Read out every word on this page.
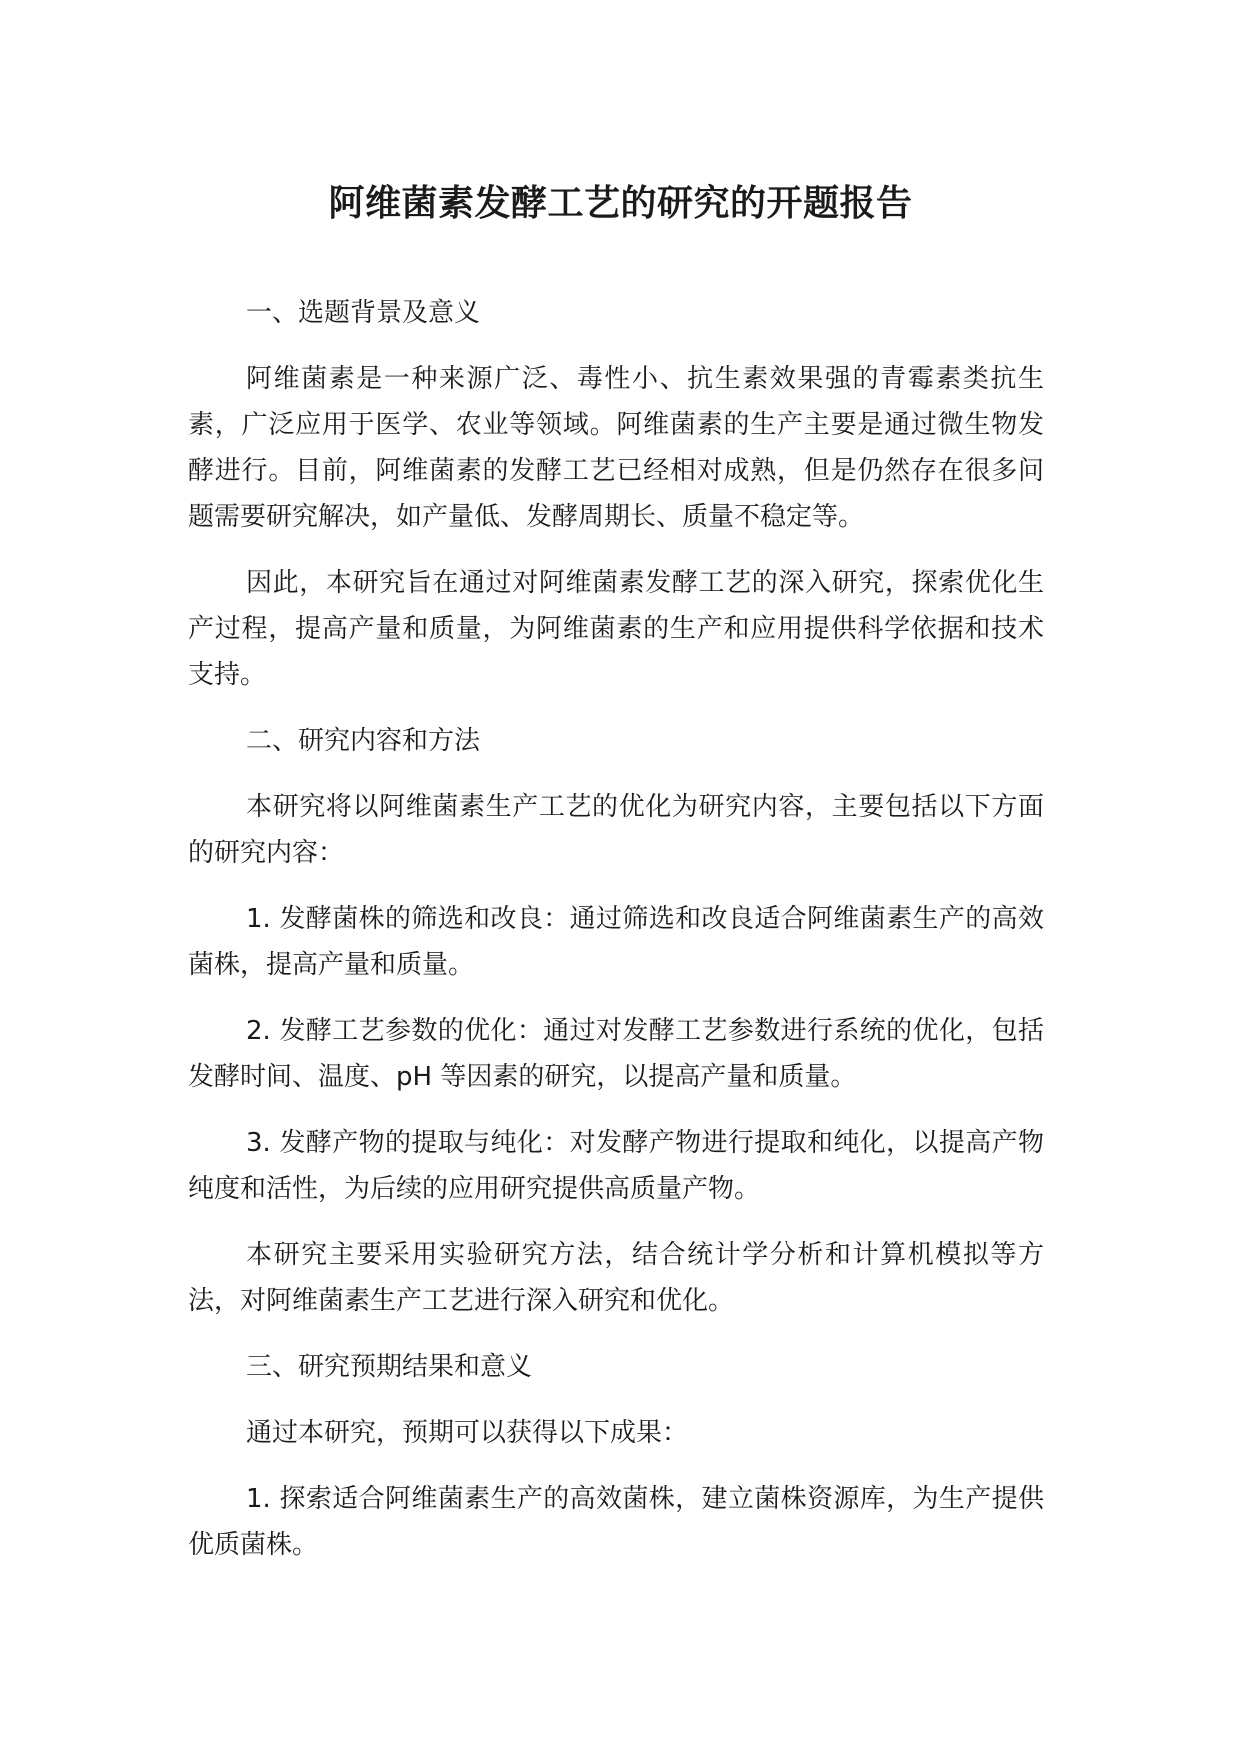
阿维菌素发酵工艺的研究的开题报告

一、选题背景及意义

阿维菌素是一种来源广泛、毒性小、抗生素效果强的青霉素类抗生素，广泛应用于医学、农业等领域。阿维菌素的生产主要是通过微生物发酵进行。目前，阿维菌素的发酵工艺已经相对成熟，但是仍然存在很多问题需要研究解决，如产量低、发酵周期长、质量不稳定等。

因此，本研究旨在通过对阿维菌素发酵工艺的深入研究，探索优化生产过程，提高产量和质量，为阿维菌素的生产和应用提供科学依据和技术支持。

二、研究内容和方法

本研究将以阿维菌素生产工艺的优化为研究内容，主要包括以下方面的研究内容：

1. 发酵菌株的筛选和改良：通过筛选和改良适合阿维菌素生产的高效菌株，提高产量和质量。

2. 发酵工艺参数的优化：通过对发酵工艺参数进行系统的优化，包括发酵时间、温度、pH 等因素的研究，以提高产量和质量。

3. 发酵产物的提取与纯化：对发酵产物进行提取和纯化，以提高产物纯度和活性，为后续的应用研究提供高质量产物。

本研究主要采用实验研究方法，结合统计学分析和计算机模拟等方法，对阿维菌素生产工艺进行深入研究和优化。

三、研究预期结果和意义

通过本研究，预期可以获得以下成果：

1. 探索适合阿维菌素生产的高效菌株，建立菌株资源库，为生产提供优质菌株。
